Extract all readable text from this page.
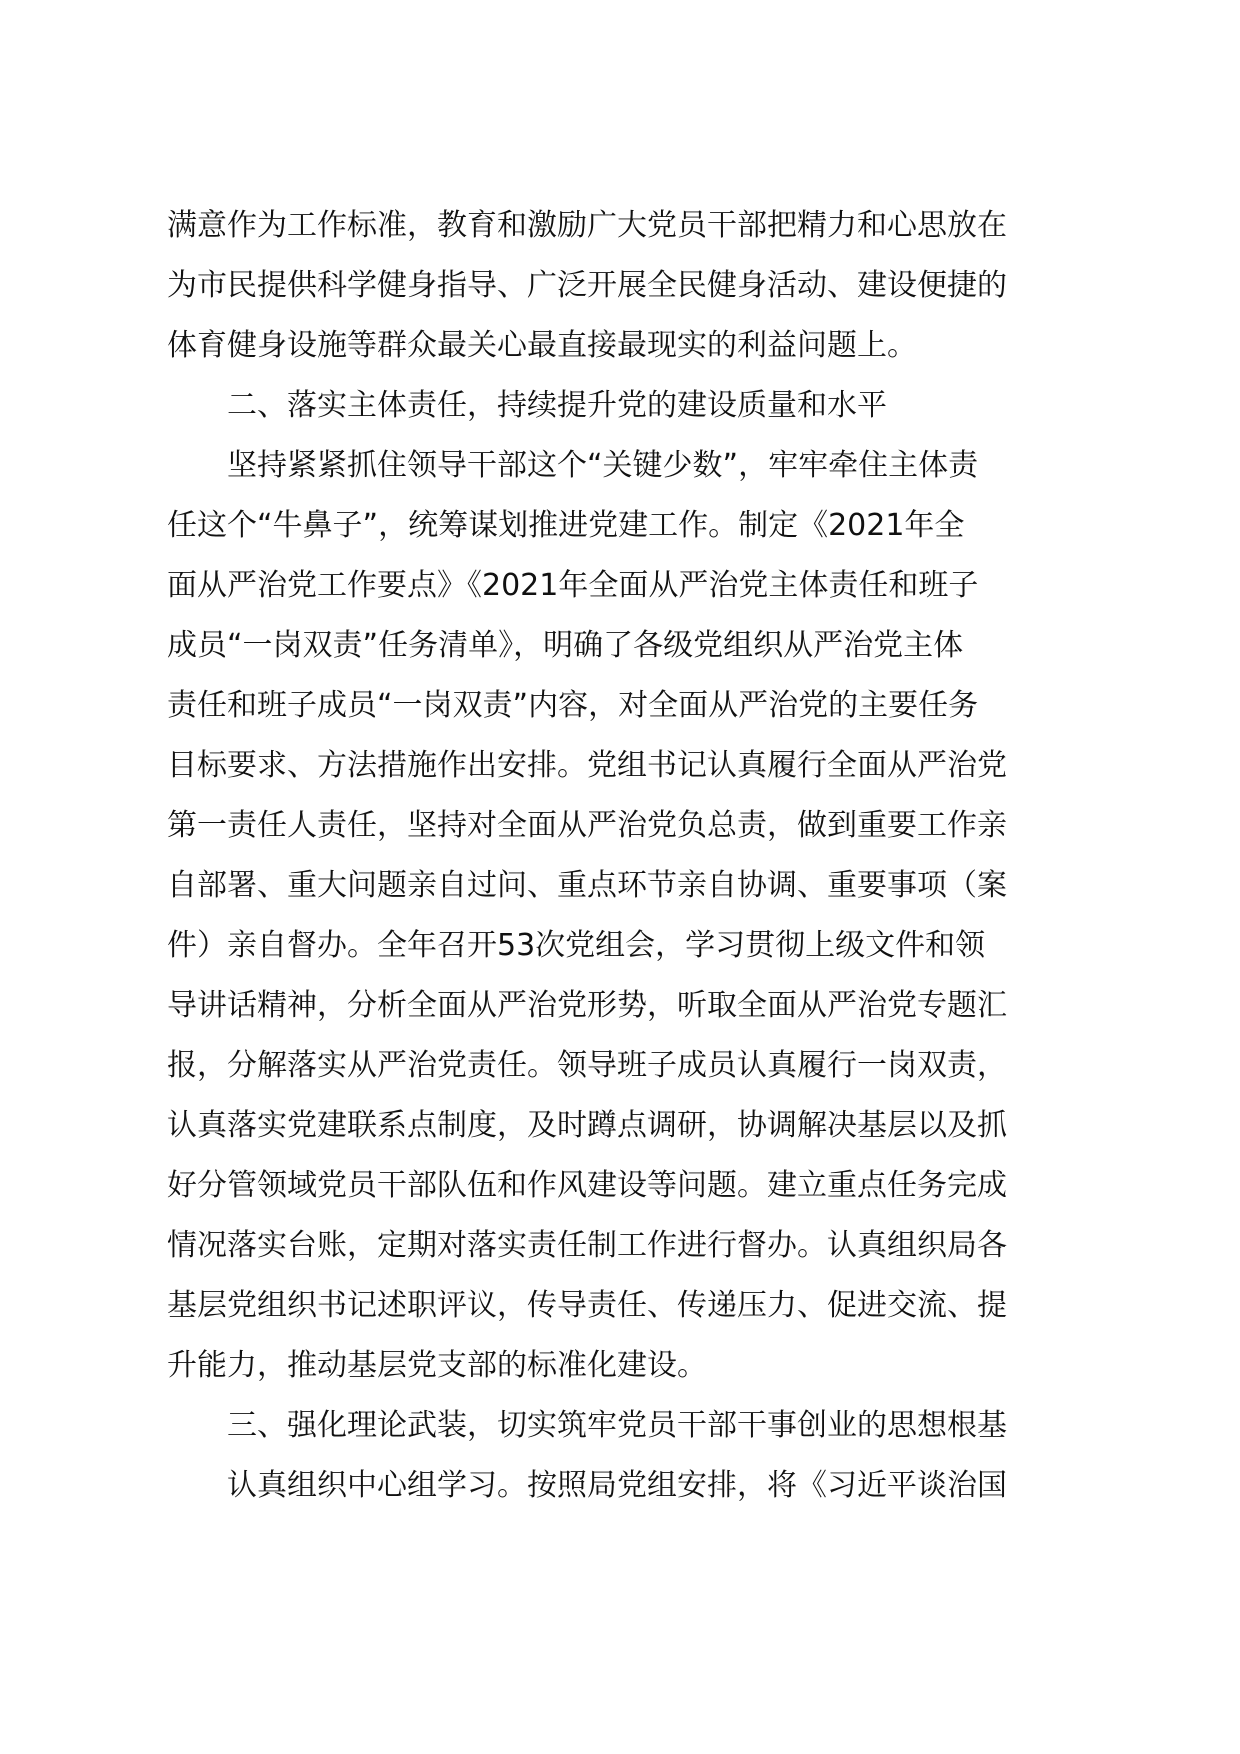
满意作为工作标准，教育和激励广大党员干部把精力和心思放在
为市民提供科学健身指导、广泛开展全民健身活动、建设便捷的
体育健身设施等群众最关心最直接最现实的利益问题上。
二、落实主体责任，持续提升党的建设质量和水平
坚持紧紧抓住领导干部这个“关键少数”，牢牢牵住主体责
任这个“牛鼻子”，统筹谋划推进党建工作。制定《2021年全
面从严治党工作要点》《2021年全面从严治党主体责任和班子
成员“一岗双责”任务清单》，明确了各级党组织从严治党主体
责任和班子成员“一岗双责”内容，对全面从严治党的主要任务
目标要求、方法措施作出安排。党组书记认真履行全面从严治党
第一责任人责任，坚持对全面从严治党负总责，做到重要工作亲
自部署、重大问题亲自过问、重点环节亲自协调、重要事项（案
件）亲自督办。全年召开53次党组会，学习贯彻上级文件和领
导讲话精神，分析全面从严治党形势，听取全面从严治党专题汇
报，分解落实从严治党责任。领导班子成员认真履行一岗双责，
认真落实党建联系点制度，及时蹲点调研，协调解决基层以及抓
好分管领域党员干部队伍和作风建设等问题。建立重点任务完成
情况落实台账，定期对落实责任制工作进行督办。认真组织局各
基层党组织书记述职评议，传导责任、传递压力、促进交流、提
升能力，推动基层党支部的标准化建设。
三、强化理论武装，切实筑牢党员干部干事创业的思想根基
认真组织中心组学习。按照局党组安排，将《习近平谈治国
